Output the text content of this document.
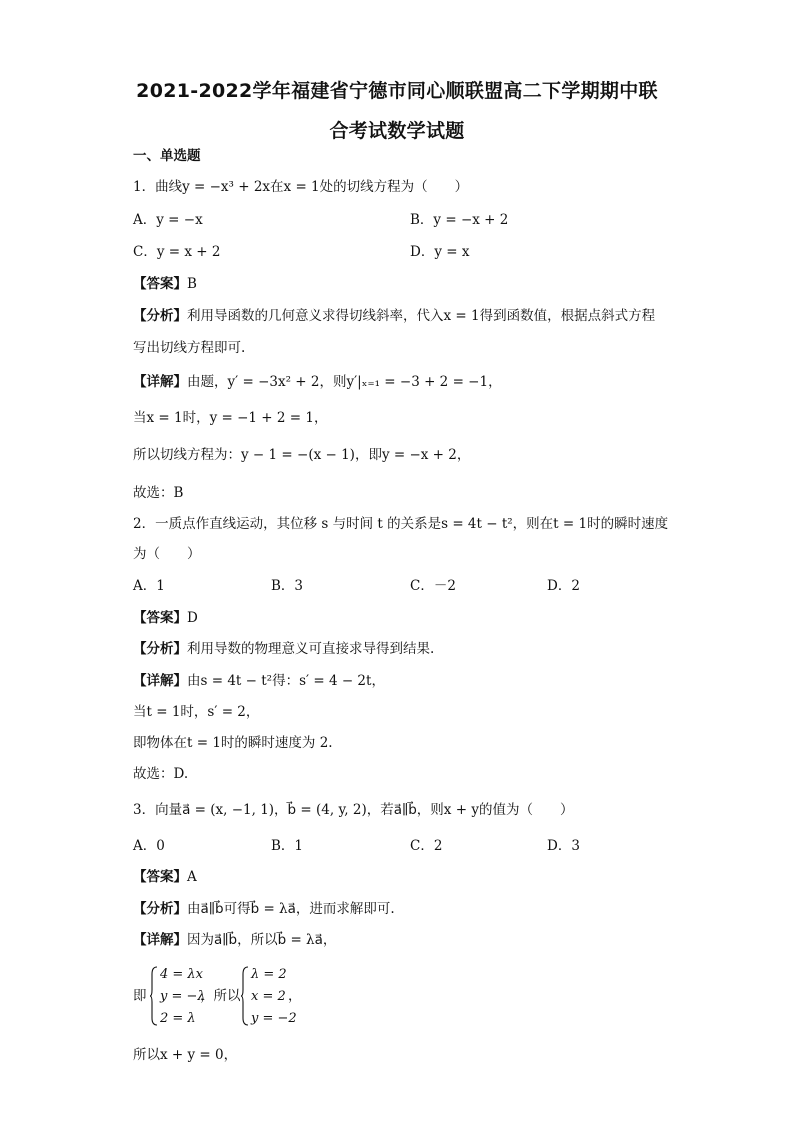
2021-2022学年福建省宁德市同心顺联盟高二下学期期中联
合考试数学试题
一、单选题
1．曲线y = −x³ + 2x在x = 1处的切线方程为（　　）
A．y = −x	B．y = −x + 2
C．y = x + 2	D．y = x
【答案】B
【分析】利用导函数的几何意义求得切线斜率，代入x = 1得到函数值，根据点斜式方程
写出切线方程即可.
【详解】由题，y′ = −3x² + 2，则y′|ₓ₌₁ = −3 + 2 = −1，
当x = 1时，y = −1 + 2 = 1，
所以切线方程为：y − 1 = −(x − 1)，即y = −x + 2，
故选：B
2．一质点作直线运动，其位移 s 与时间 t 的关系是s = 4t − t²，则在t = 1时的瞬时速度
为（　　）
A．1	B．3	C．－2	D．2
【答案】D
【分析】利用导数的物理意义可直接求导得到结果.
【详解】由s = 4t − t²得：s′ = 4 − 2t，
当t = 1时，s′ = 2，
即物体在t = 1时的瞬时速度为 2.
故选：D.
3．向量a⃗ = (x, −1, 1)，b⃗ = (4, y, 2)，若a⃗∥b⃗，则x + y的值为（　　）
A．0	B．1	C．2	D．3
【答案】A
【分析】由a⃗∥b⃗可得b⃗ = λa⃗，进而求解即可.
【详解】因为a⃗∥b⃗，所以b⃗ = λa⃗，
即
4 = λx
y = −λ
2 = λ
，所以
λ = 2
x = 2
y = −2
，
所以x + y = 0，
